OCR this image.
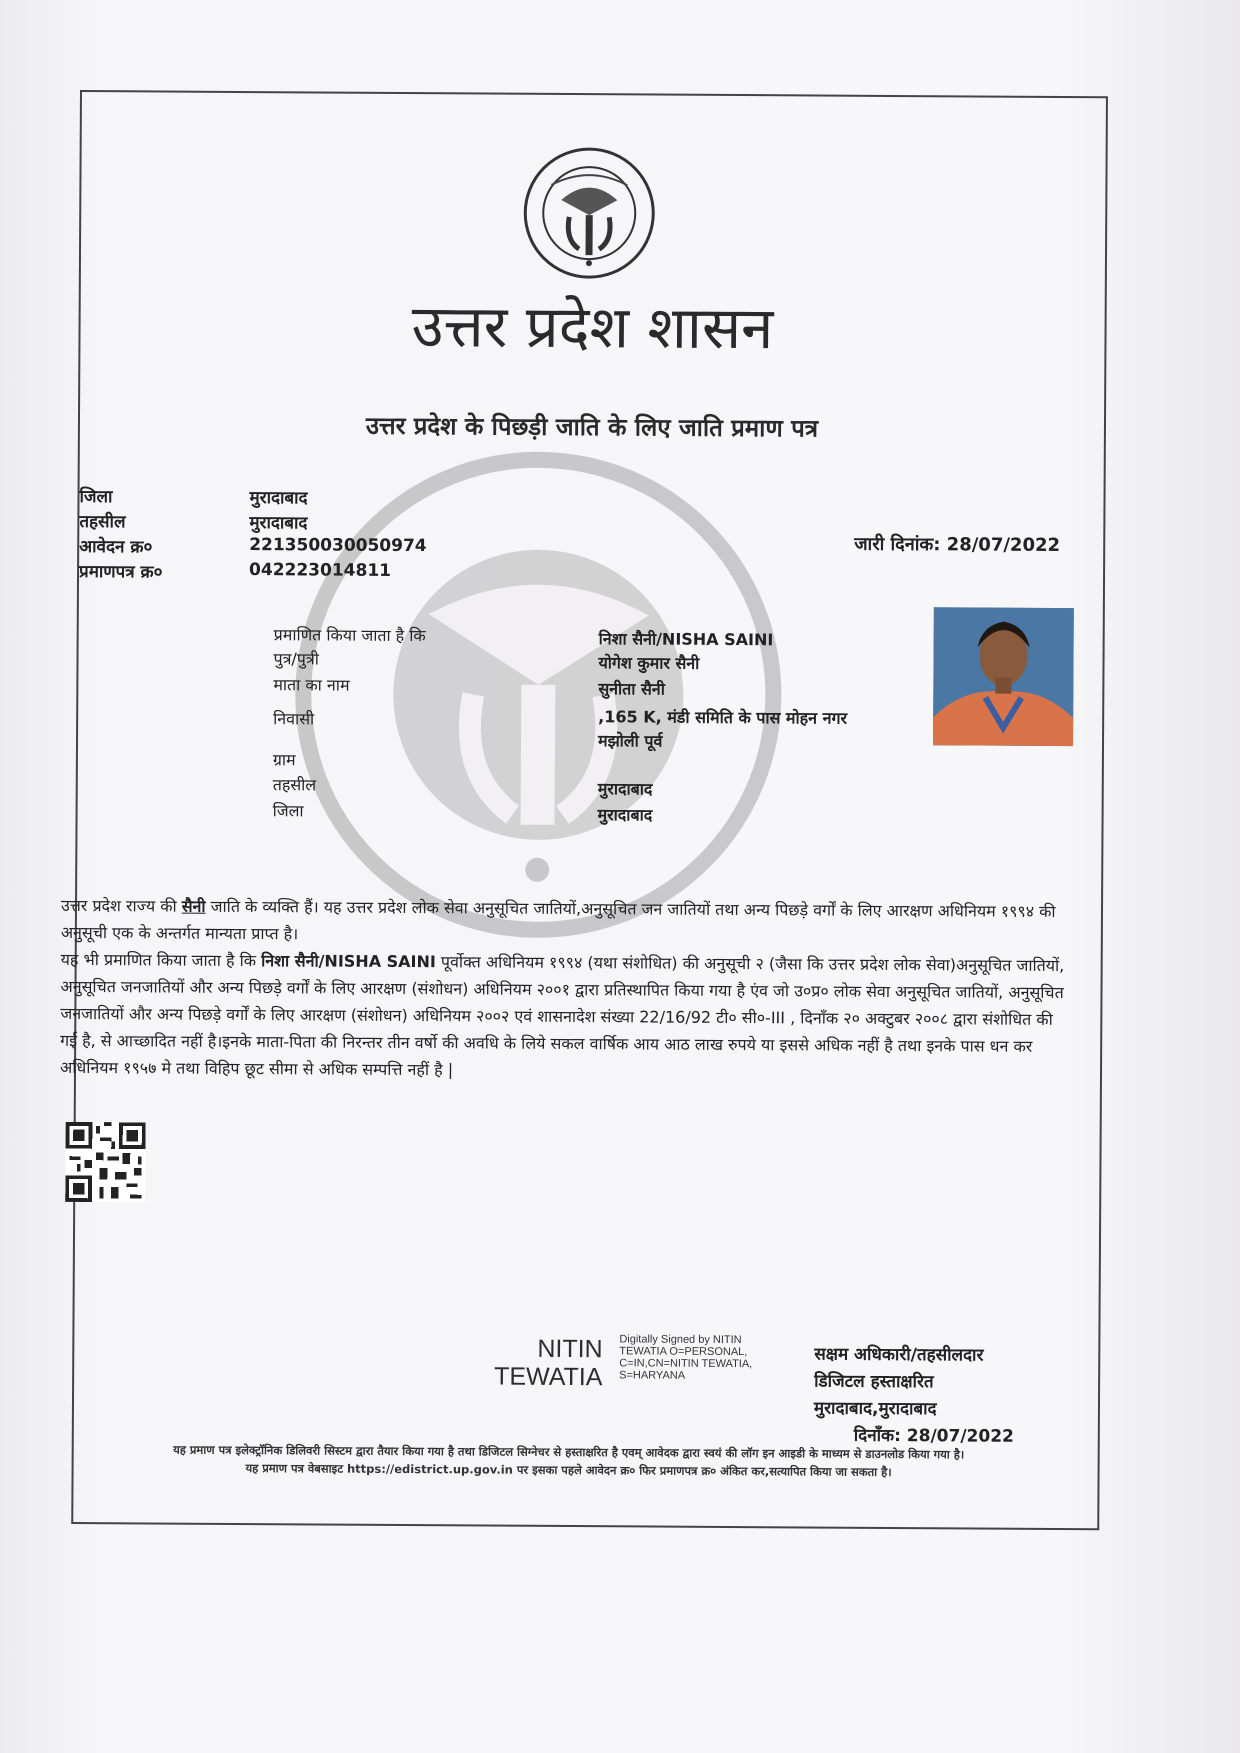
उत्तर प्रदेश शासन
उत्तर प्रदेश के पिछड़ी जाति के लिए जाति प्रमाण पत्र
जिला	मुरादाबाद
तहसील	मुरादाबाद
आवेदन क्र०	221350030050974
प्रमाणपत्र क्र०	042223014811
जारी दिनांक: 28/07/2022
प्रमाणित किया जाता है कि	निशा सैनी/NISHA SAINI
पुत्र/पुत्री	योगेश कुमार सैनी
माता का नाम	सुनीता सैनी
निवासी	,165 K, मंडी समिति के पास मोहन नगर
मझोली पूर्व
ग्राम
तहसील	मुरादाबाद
जिला	मुरादाबाद

उत्तर प्रदेश राज्य की सैनी जाति के व्यक्ति हैं। यह उत्तर प्रदेश लोक सेवा अनुसूचित जातियों,अनुसूचित जन जातियों तथा अन्य पिछड़े वर्गों के लिए आरक्षण अधिनियम १९९४ की अनुसूची एक के अन्तर्गत मान्यता प्राप्त है।

यह भी प्रमाणित किया जाता है कि निशा सैनी/NISHA SAINI पूर्वोक्त अधिनियम १९९४ (यथा संशोधित) की अनुसूची २ (जैसा कि उत्तर प्रदेश लोक सेवा)अनुसूचित जातियों, अनुसूचित जनजातियों और अन्य पिछड़े वर्गों के लिए आरक्षण (संशोधन) अधिनियम २००१ द्वारा प्रतिस्थापित किया गया है एंव जो उ०प्र० लोक सेवा अनुसूचित जातियों, अनुसूचित जनजातियों और अन्य पिछड़े वर्गों के लिए आरक्षण (संशोधन) अधिनियम २००२ एवं शासनादेश संख्या 22/16/92 टी० सी०-III , दिनाँक २० अक्टुबर २००८ द्वारा संशोधित की गई है, से आच्छादित नहीं है।इनके माता-पिता की निरन्तर तीन वर्षो की अवधि के लिये सकल वार्षिक आय आठ लाख रुपये या इससे अधिक नहीं है तथा इनके पास धन कर अधिनियम १९५७ मे तथा विहिप छूट सीमा से अधिक सम्पत्ति नहीं है |

NITIN
TEWATIA
Digitally Signed by NITIN TEWATIA O=PERSONAL, C=IN,CN=NITIN TEWATIA, S=HARYANA
सक्षम अधिकारी/तहसीलदार
डिजिटल हस्ताक्षरित
मुरादाबाद,मुरादाबाद
दिनाँक: 28/07/2022
यह प्रमाण पत्र इलेक्ट्रॉनिक डिलिवरी सिस्टम द्वारा तैयार किया गया है तथा डिजिटल सिग्नेचर से हस्ताक्षरित है एवम् आवेदक द्वारा स्वयं की लॉग इन आइडी के माध्यम से डाउनलोड किया गया है।
यह प्रमाण पत्र वेबसाइट https://edistrict.up.gov.in पर इसका पहले आवेदन क्र० फिर प्रमाणपत्र क्र० अंकित कर,सत्यापित किया जा सकता है।
